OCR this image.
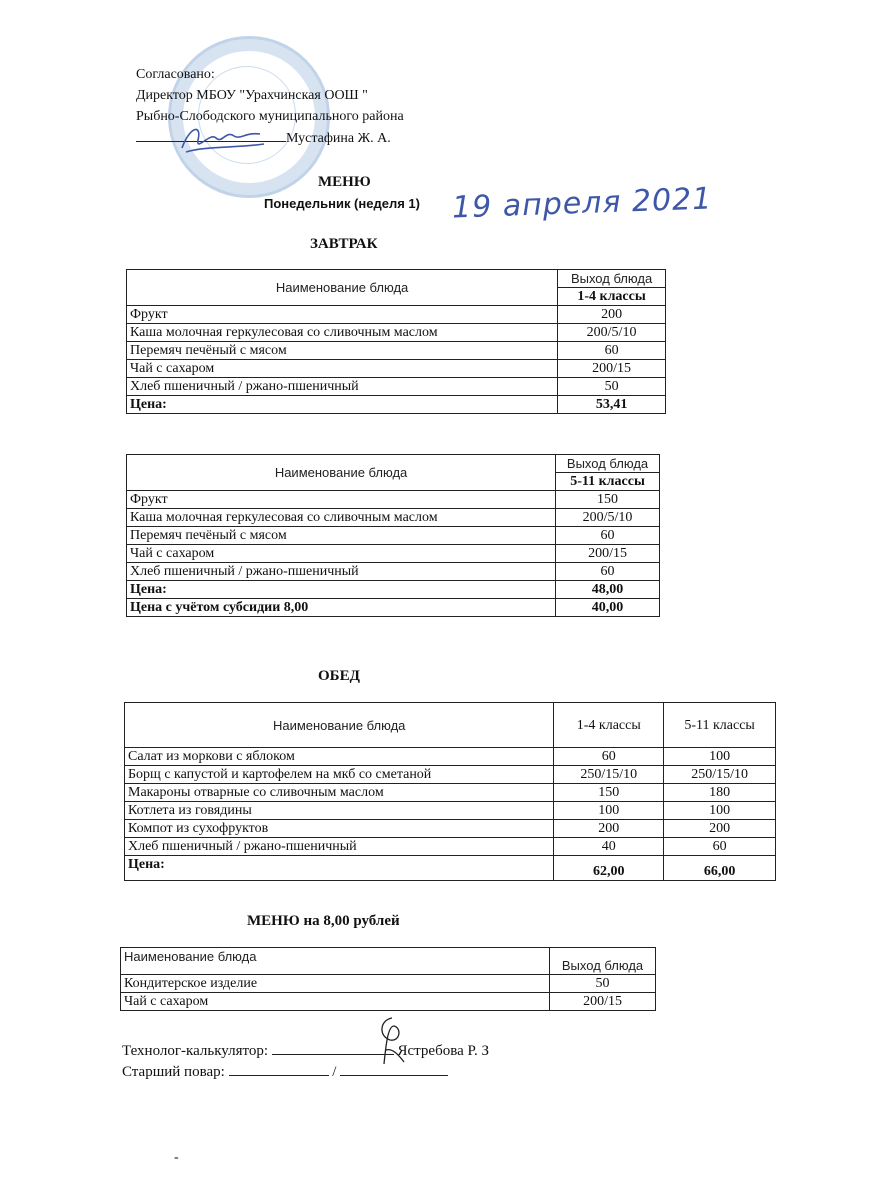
Согласовано:
Директор МБОУ "Урахчинская ООШ "
Рыбно-Слободского муниципального района
Мустафина Ж. А.
МЕНЮ
Понедельник (неделя 1) 19 апреля 2021
ЗАВТРАК
Наименование блюда	Выход блюда
	1-4 классы
Фрукт	200
Каша молочная геркулесовая со сливочным маслом	200/5/10
Перемяч печёный с мясом	60
Чай с сахаром	200/15
Хлеб пшеничный / ржано-пшеничный	50
Цена:	53,41
Наименование блюда	Выход блюда
	5-11 классы
Фрукт	150
Каша молочная геркулесовая со сливочным маслом	200/5/10
Перемяч печёный с мясом	60
Чай с сахаром	200/15
Хлеб пшеничный / ржано-пшеничный	60
Цена:	48,00
Цена с учётом субсидии 8,00	40,00
ОБЕД
Наименование блюда	1-4 классы	5-11 классы
Салат из моркови с яблоком	60	100
Борщ с капустой и картофелем на мкб со сметаной	250/15/10	250/15/10
Макароны отварные со сливочным маслом	150	180
Котлета из говядины	100	100
Компот из сухофруктов	200	200
Хлеб пшеничный / ржано-пшеничный	40	60
Цена:	62,00	66,00
МЕНЮ на 8,00 рублей
Наименование блюда	Выход блюда
Кондитерское изделие	50
Чай с сахаром	200/15
Технолог-калькулятор:	Ястребова Р. З
Старший повар:	/
-
